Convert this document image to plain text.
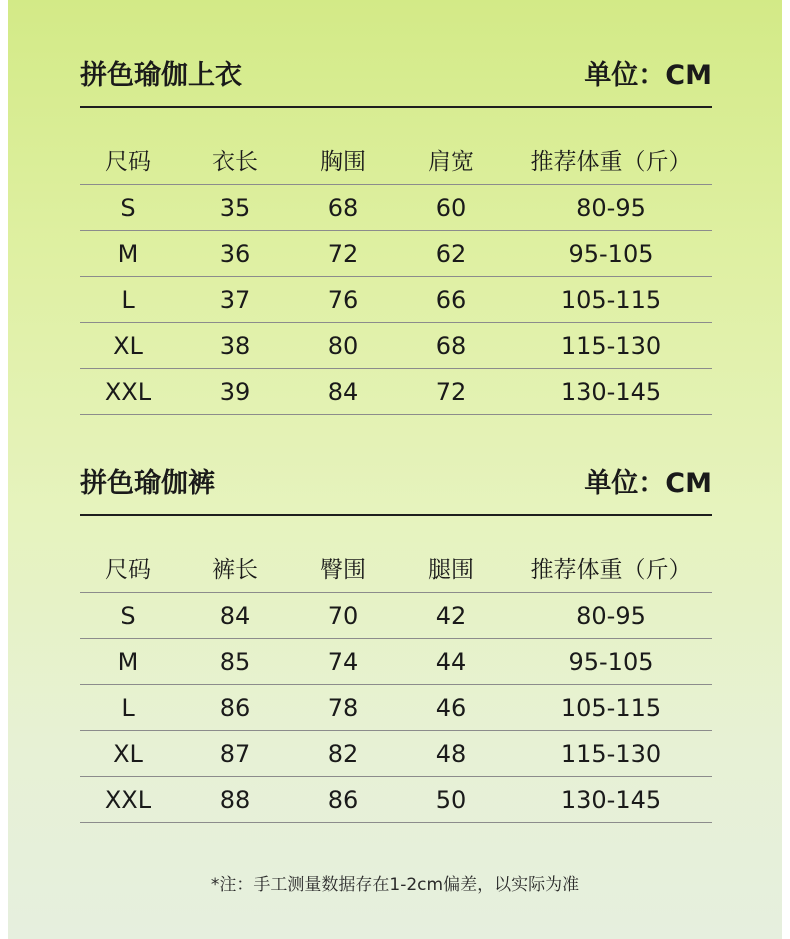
拼色瑜伽上衣	单位：CM
尺码	衣长	胸围	肩宽	推荐体重（斤）
S	35	68	60	80-95
M	36	72	62	95-105
L	37	76	66	105-115
XL	38	80	68	115-130
XXL	39	84	72	130-145
拼色瑜伽裤	单位：CM
尺码	裤长	臀围	腿围	推荐体重（斤）
S	84	70	42	80-95
M	85	74	44	95-105
L	86	78	46	105-115
XL	87	82	48	115-130
XXL	88	86	50	130-145
*注：手工测量数据存在1-2cm偏差，以实际为准
